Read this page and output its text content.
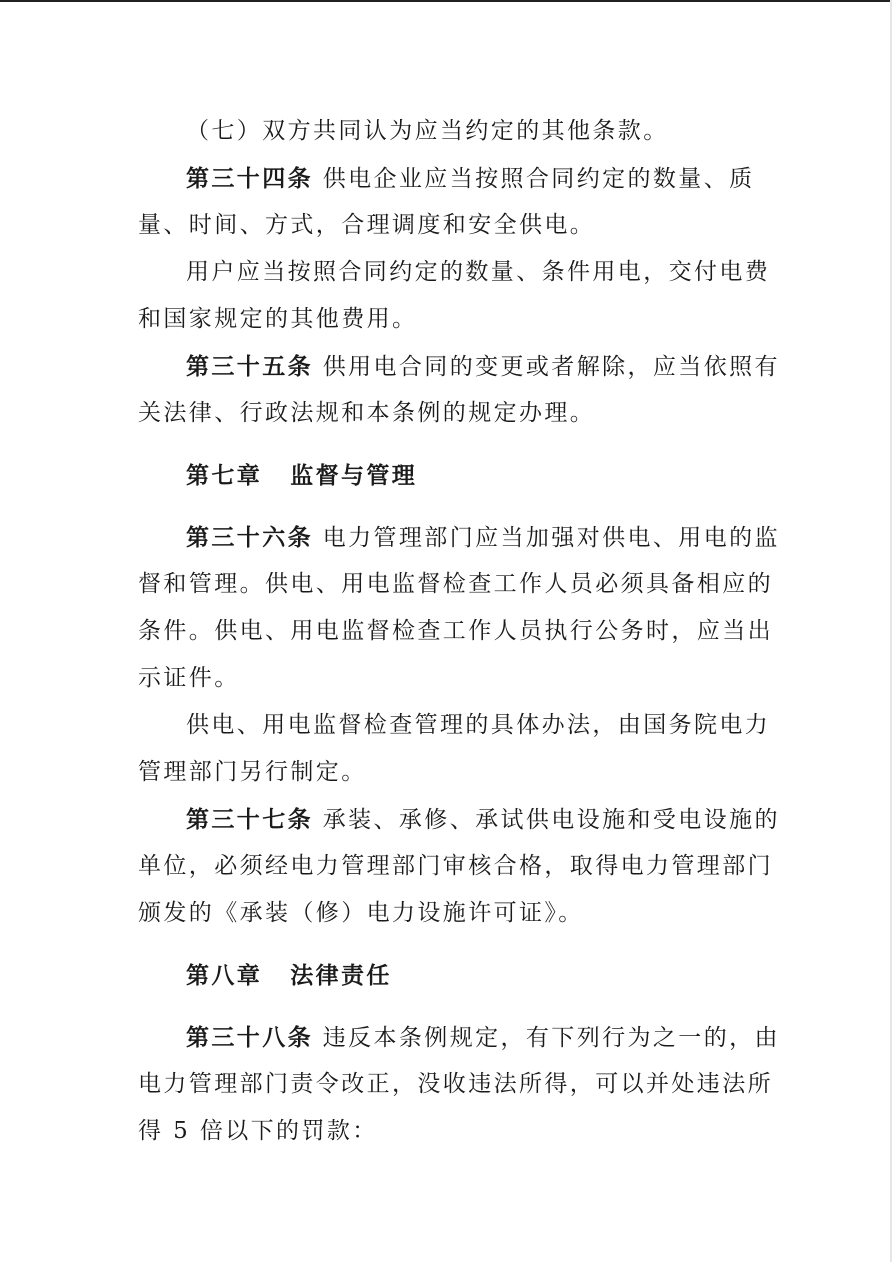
（七）双方共同认为应当约定的其他条款。
第三十四条 供电企业应当按照合同约定的数量、质
量、时间、方式，合理调度和安全供电。
用户应当按照合同约定的数量、条件用电，交付电费
和国家规定的其他费用。
第三十五条 供用电合同的变更或者解除，应当依照有
关法律、行政法规和本条例的规定办理。
第七章 监督与管理
第三十六条 电力管理部门应当加强对供电、用电的监
督和管理。供电、用电监督检查工作人员必须具备相应的
条件。供电、用电监督检查工作人员执行公务时，应当出
示证件。
供电、用电监督检查管理的具体办法，由国务院电力
管理部门另行制定。
第三十七条 承装、承修、承试供电设施和受电设施的
单位，必须经电力管理部门审核合格，取得电力管理部门
颁发的《承装（修）电力设施许可证》。
第八章 法律责任
第三十八条 违反本条例规定，有下列行为之一的，由
电力管理部门责令改正，没收违法所得，可以并处违法所
得 5 倍以下的罚款：
